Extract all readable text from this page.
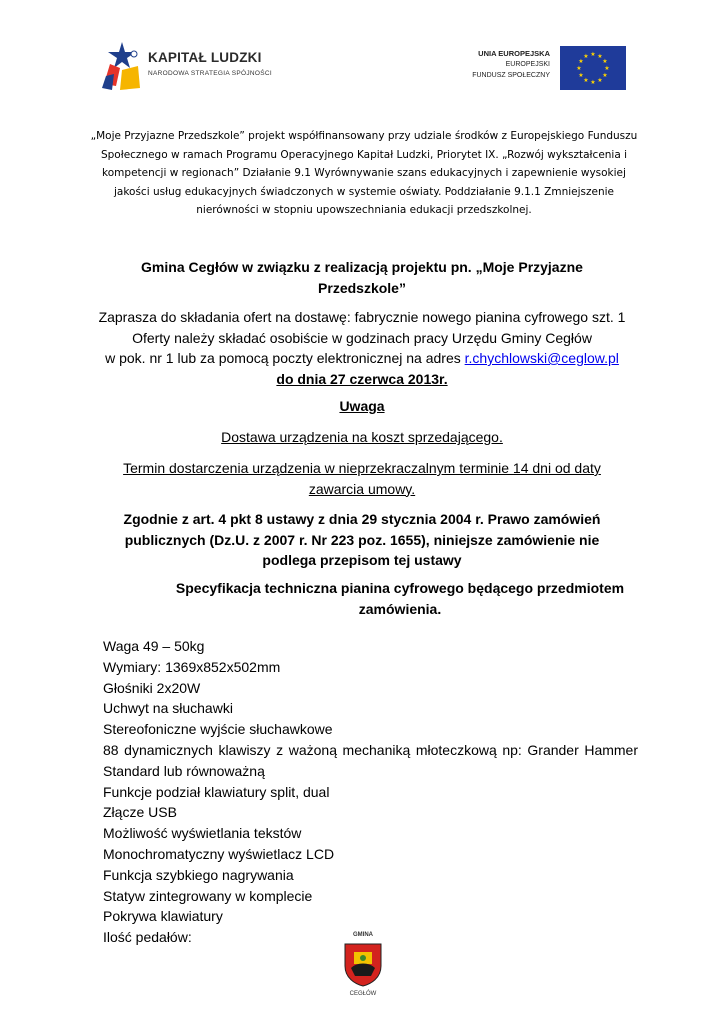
KAPITAŁ LUDZKI
NARODOWA STRATEGIA SPÓJNOŚCI
UNIA EUROPEJSKA
EUROPEJSKI
FUNDUSZ SPOŁECZNY
★ ★
★
★
★
★
★
★
★
★
★
★
„Moje Przyjazne Przedszkole” projekt współfinansowany przy udziale środków z Europejskiego Funduszu Społecznego w ramach Programu Operacyjnego Kapitał Ludzki, Priorytet IX. „Rozwój wykształcenia i kompetencji w regionach” Działanie 9.1 Wyrównywanie szans edukacyjnych i zapewnienie wysokiej jakości usług edukacyjnych świadczonych w systemie oświaty. Poddziałanie 9.1.1 Zmniejszenie nierówności w stopniu upowszechniania edukacji przedszkolnej.
Gmina Cegłów w związku z realizacją projektu pn. „Moje Przyjazne Przedszkole”
Zaprasza do składania ofert na dostawę: fabrycznie nowego pianina cyfrowego szt. 1
Oferty należy składać osobiście w godzinach pracy Urzędu Gminy Cegłów
w pok. nr 1 lub za pomocą poczty elektronicznej na adres r.chychlowski@ceglow.pl
do dnia 27 czerwca 2013r.
Uwaga
Dostawa urządzenia na koszt sprzedającego.
Termin dostarczenia urządzenia w nieprzekraczalnym terminie 14 dni od daty zawarcia umowy.
Zgodnie z art. 4 pkt 8 ustawy z dnia 29 stycznia 2004 r. Prawo zamówień publicznych (Dz.U. z 2007 r. Nr 223 poz. 1655), niniejsze zamówienie nie podlega przepisom tej ustawy
Specyfikacja techniczna pianina cyfrowego będącego przedmiotem zamówienia.
Waga 49 – 50kg
Wymiary: 1369x852x502mm
Głośniki 2x20W
Uchwyt na słuchawki
Stereofoniczne wyjście słuchawkowe
88 dynamicznych klawiszy z ważoną mechaniką młoteczkową np: Grander Hammer Standard lub równoważną
Funkcje podział klawiatury split, dual
Złącze USB
Możliwość wyświetlania tekstów
Monochromatyczny wyświetlacz LCD
Funkcja szybkiego nagrywania
Statyw zintegrowany w komplecie
Pokrywa klawiatury
Ilość pedałów:	GMINA
CEGŁÓW
